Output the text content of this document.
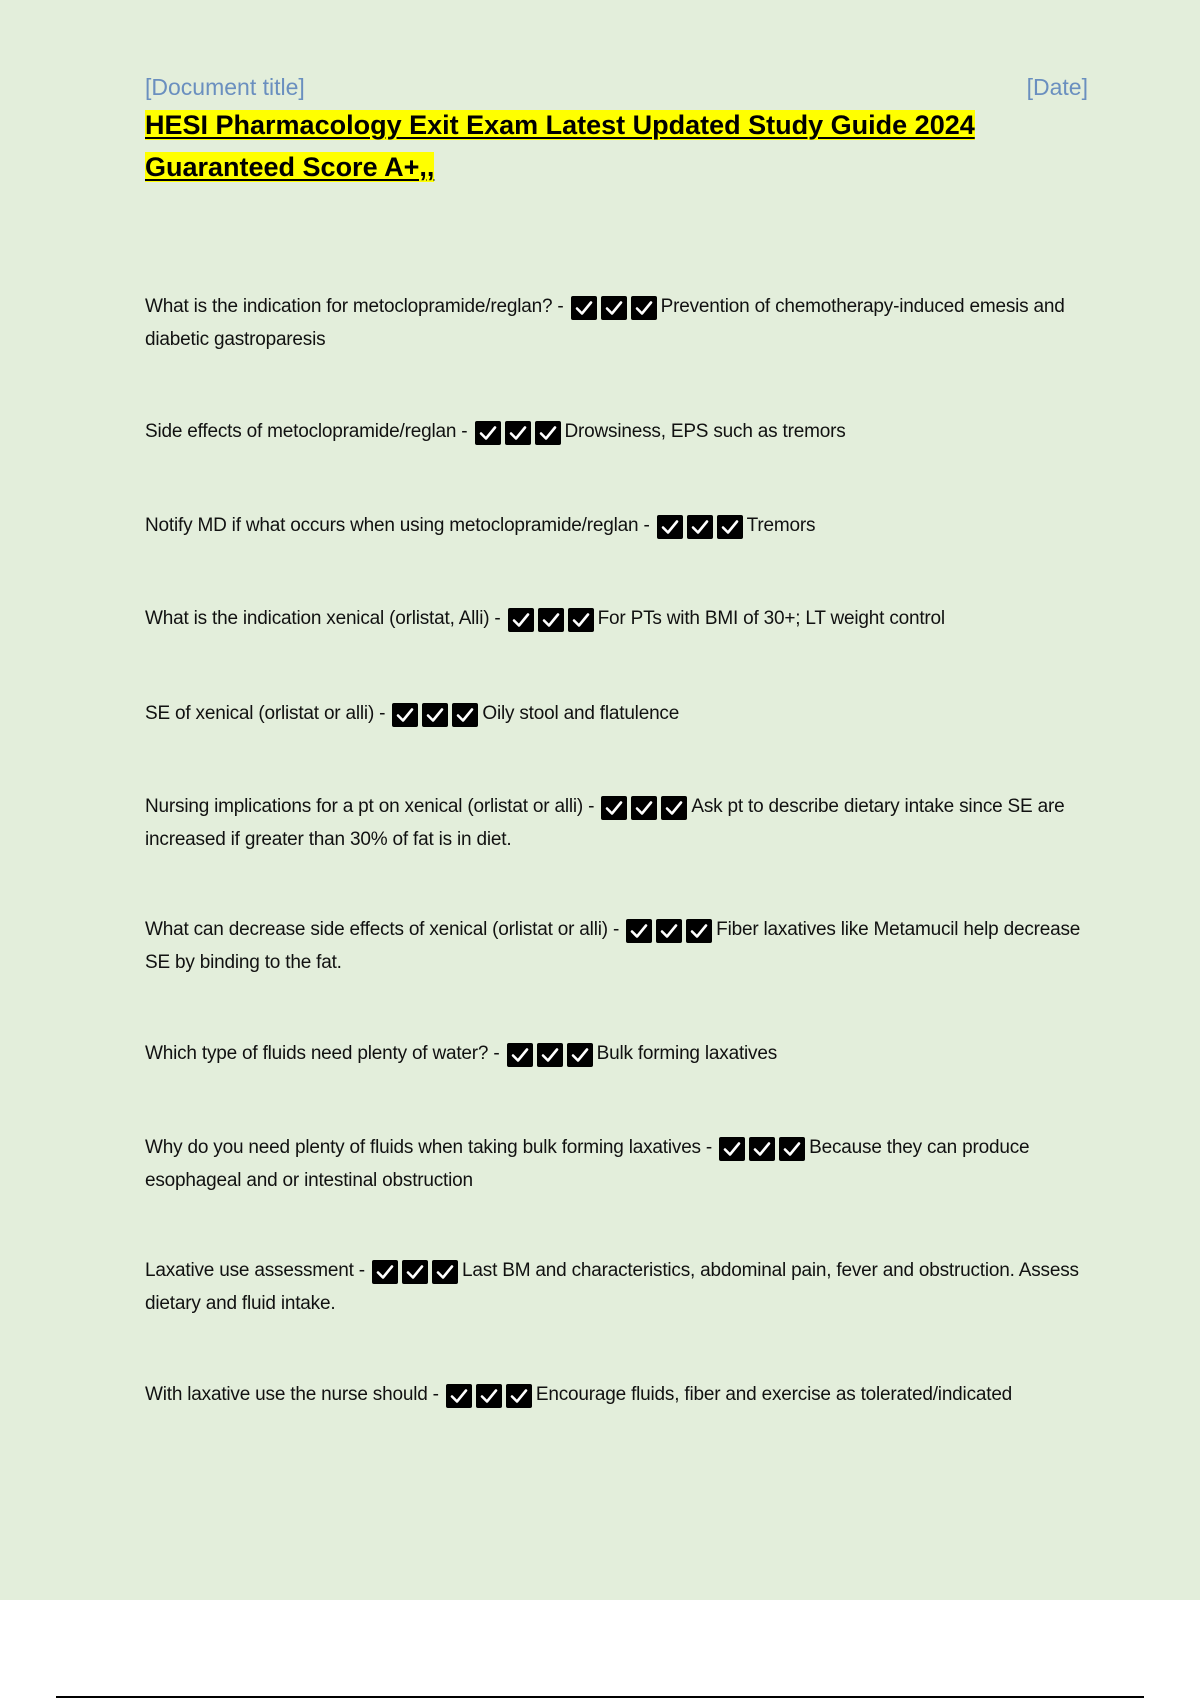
[Document title]	[Date]
HESI Pharmacology Exit Exam Latest Updated Study Guide 2024 Guaranteed Score A+,,
What is the indication for metoclopramide/reglan? -	Prevention of chemotherapy-induced emesis and diabetic gastroparesis
Side effects of metoclopramide/reglan -	Drowsiness, EPS such as tremors
Notify MD if what occurs when using metoclopramide/reglan -	Tremors
What is the indication xenical (orlistat, Alli) -	For PTs with BMI of 30+; LT weight control
SE of xenical (orlistat or alli) -	Oily stool and flatulence
Nursing implications for a pt on xenical (orlistat or alli) -	Ask pt to describe dietary intake since SE are increased if greater than 30% of fat is in diet.
What can decrease side effects of xenical (orlistat or alli) -	Fiber laxatives like Metamucil help decrease SE by binding to the fat.
Which type of fluids need plenty of water? -	Bulk forming laxatives
Why do you need plenty of fluids when taking bulk forming laxatives -	Because they can produce esophageal and or intestinal obstruction
Laxative use assessment -	Last BM and characteristics, abdominal pain, fever and obstruction. Assess dietary and fluid intake.
With laxative use the nurse should -	Encourage fluids, fiber and exercise as tolerated/indicated
